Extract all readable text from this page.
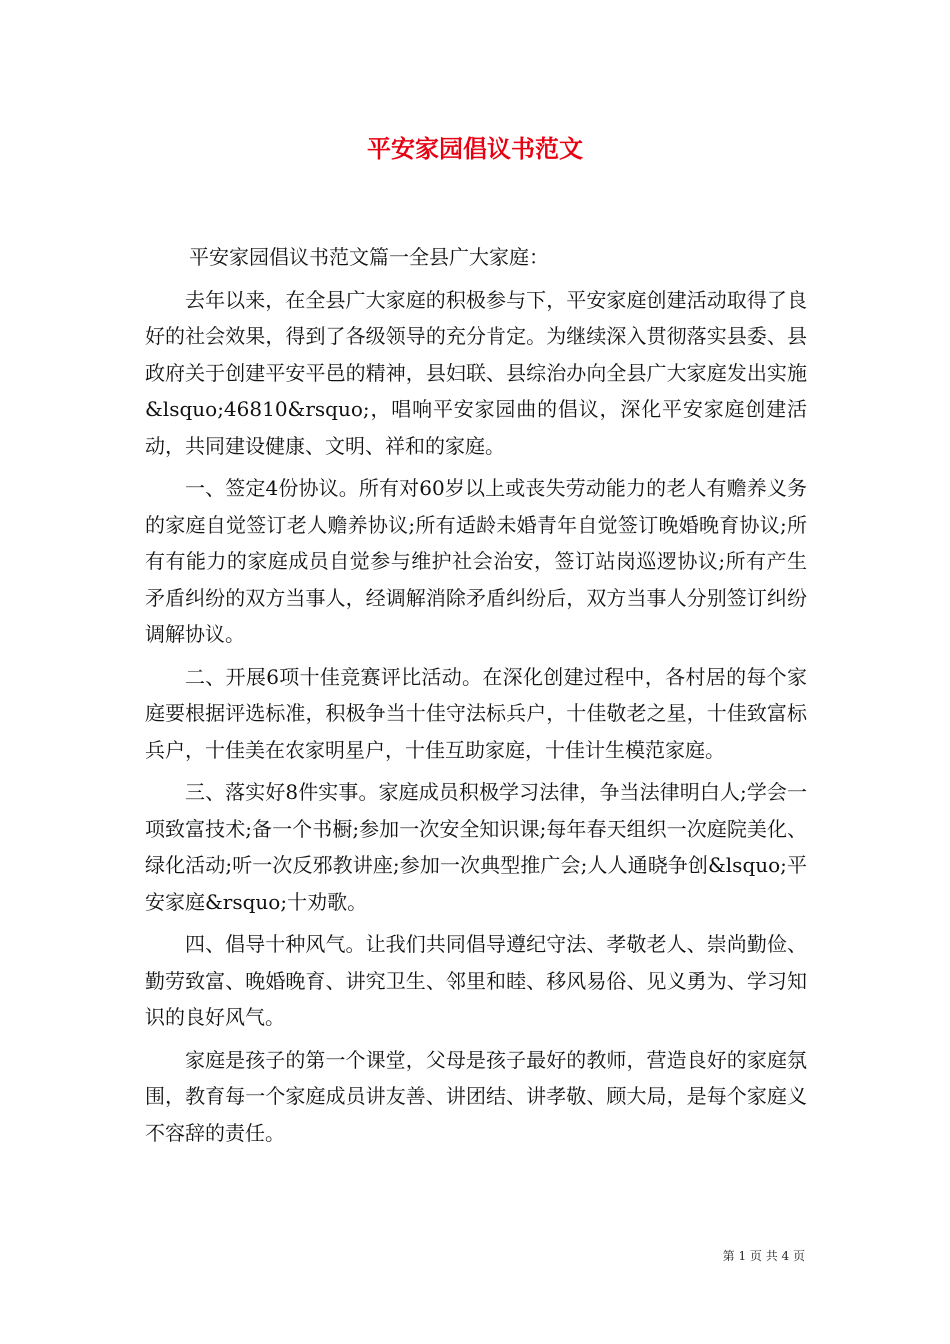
平安家园倡议书范文

平安家园倡议书范文篇一全县广大家庭：

去年以来，在全县广大家庭的积极参与下，平安家庭创建活动取得了良好的社会效果，得到了各级领导的充分肯定。为继续深入贯彻落实县委、县政府关于创建平安平邑的精神，县妇联、县综治办向全县广大家庭发出实施&lsquo;46810&rsquo;，唱响平安家园曲的倡议，深化平安家庭创建活动，共同建设健康、文明、祥和的家庭。

一、签定4份协议。所有对60岁以上或丧失劳动能力的老人有赡养义务的家庭自觉签订老人赡养协议;所有适龄未婚青年自觉签订晚婚晚育协议;所有有能力的家庭成员自觉参与维护社会治安，签订站岗巡逻协议;所有产生矛盾纠纷的双方当事人，经调解消除矛盾纠纷后，双方当事人分别签订纠纷调解协议。

二、开展6项十佳竞赛评比活动。在深化创建过程中，各村居的每个家庭要根据评选标准，积极争当十佳守法标兵户，十佳敬老之星，十佳致富标兵户，十佳美在农家明星户，十佳互助家庭，十佳计生模范家庭。

三、落实好8件实事。家庭成员积极学习法律，争当法律明白人;学会一项致富技术;备一个书橱;参加一次安全知识课;每年春天组织一次庭院美化、绿化活动;听一次反邪教讲座;参加一次典型推广会;人人通晓争创&lsquo;平安家庭&rsquo;十劝歌。

四、倡导十种风气。让我们共同倡导遵纪守法、孝敬老人、崇尚勤俭、勤劳致富、晚婚晚育、讲究卫生、邻里和睦、移风易俗、见义勇为、学习知识的良好风气。

家庭是孩子的第一个课堂，父母是孩子最好的教师，营造良好的家庭氛围，教育每一个家庭成员讲友善、讲团结、讲孝敬、顾大局，是每个家庭义不容辞的责任。

第 1 页 共 4 页
